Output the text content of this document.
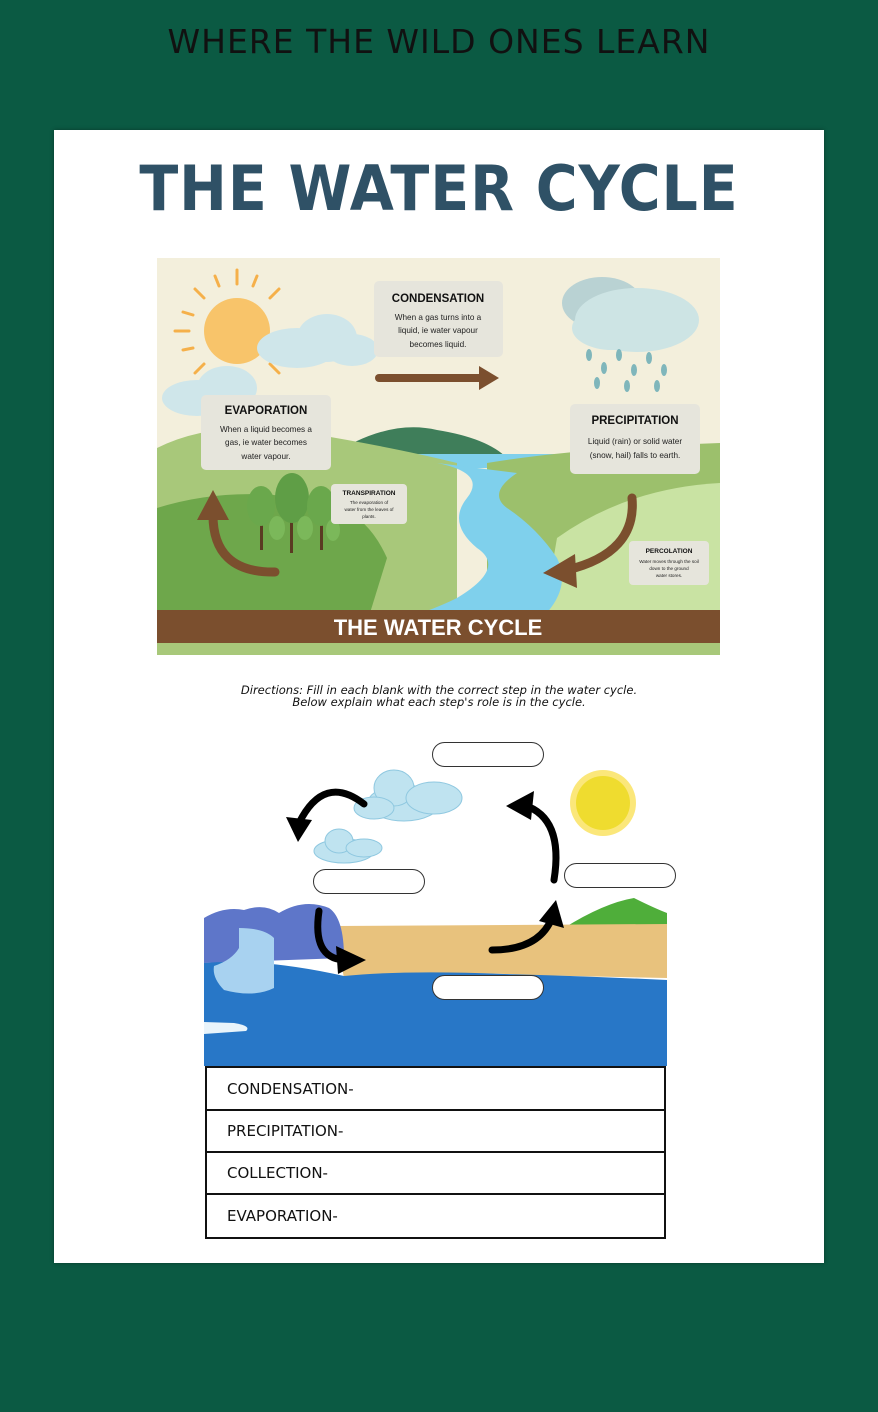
WHERE THE WILD ONES LEARN
THE WATER CYCLE
CONDENSATION
When a gas turns into a
liquid, ie water vapour
becomes liquid.
EVAPORATION
When a liquid becomes a
gas, ie water becomes
water vapour.
PRECIPITATION
Liquid (rain) or solid water
(snow, hail) falls to earth.
TRANSPIRATION
The evaporation of
water from the leaves of
plants.
PERCOLATION
Water moves through the soil
down to the ground
water stores.
THE WATER CYCLE
Directions: Fill in each blank with the correct step in the water cycle.
Below explain what each step's role is in the cycle.
CONDENSATION-
PRECIPITATION-
COLLECTION-
EVAPORATION-
